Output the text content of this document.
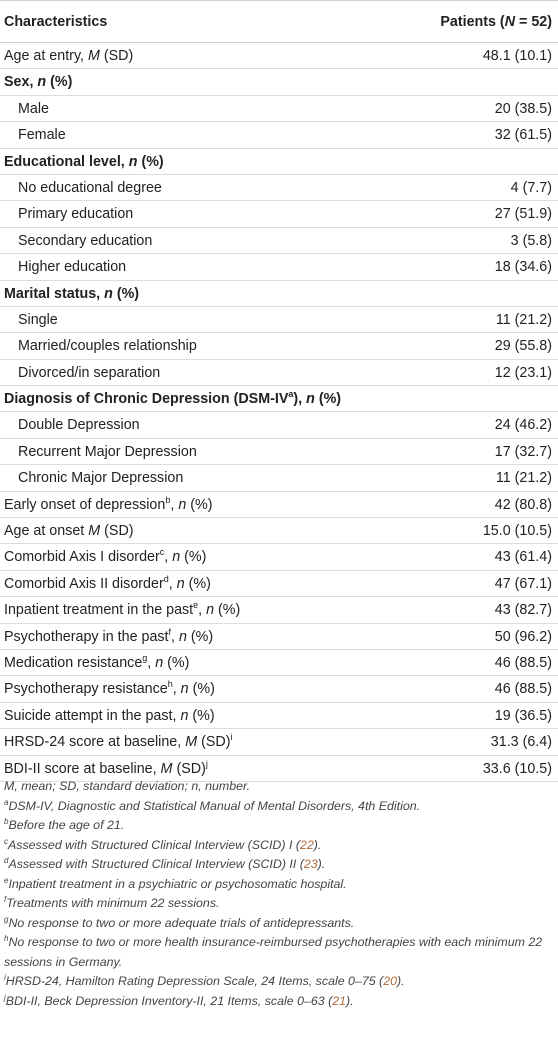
Characteristics	Patients (N = 52)
Age at entry, M (SD)	48.1 (10.1)
Sex, n (%)
Male	20 (38.5)
Female	32 (61.5)
Educational level, n (%)
No educational degree	4 (7.7)
Primary education	27 (51.9)
Secondary education	3 (5.8)
Higher education	18 (34.6)
Marital status, n (%)
Single	11 (21.2)
Married/couples relationship	29 (55.8)
Divorced/in separation	12 (23.1)
Diagnosis of Chronic Depression $(DSM-IV^a)$, n (%)
Double Depression	24 (46.2)
Recurrent Major Depression	17 (32.7)
Chronic Major Depression	11 (21.2)
Early onset of depression$^b$, n (%)	42 (80.8)
Age at onset M (SD)	15.0 (10.5)
Comorbid Axis I disorder$^c$, n (%)	43 (61.4)
Comorbid Axis II disorder$^d$, n (%)	47 (67.1)
Inpatient treatment in the past$^e$, n (%)	43 (82.7)
Psychotherapy in the past$^f$, n (%)	50 (96.2)
Medication resistance$^g$, n (%)	46 (88.5)
Psychotherapy resistance$^h$, n (%)	46 (88.5)
Suicide attempt in the past, n (%)	19 (36.5)
HRSD-24 score at baseline, M (SD)$^i$	31.3 (6.4)
BDI-II score at baseline, M (SD)$^j$	33.6 (10.5)
M, mean; SD, standard deviation; n, number.
$^a$DSM-IV, Diagnostic and Statistical Manual of Mental Disorders, 4th Edition.
$^b$Before the age of 21.
$^c$Assessed with Structured Clinical Interview (SCID) I (22).
$^d$Assessed with Structured Clinical Interview (SCID) II (23).
$^e$Inpatient treatment in a psychiatric or psychosomatic hospital.
$^f$Treatments with minimum 22 sessions.
$^g$No response to two or more adequate trials of antidepressants.
$^h$No response to two or more health insurance-reimbursed psychotherapies with each minimum 22 sessions in Germany.
$^i$HRSD-24, Hamilton Rating Depression Scale, 24 Items, scale 0–75 (20).
$^j$BDI-II, Beck Depression Inventory-II, 21 Items, scale 0–63 (21).
